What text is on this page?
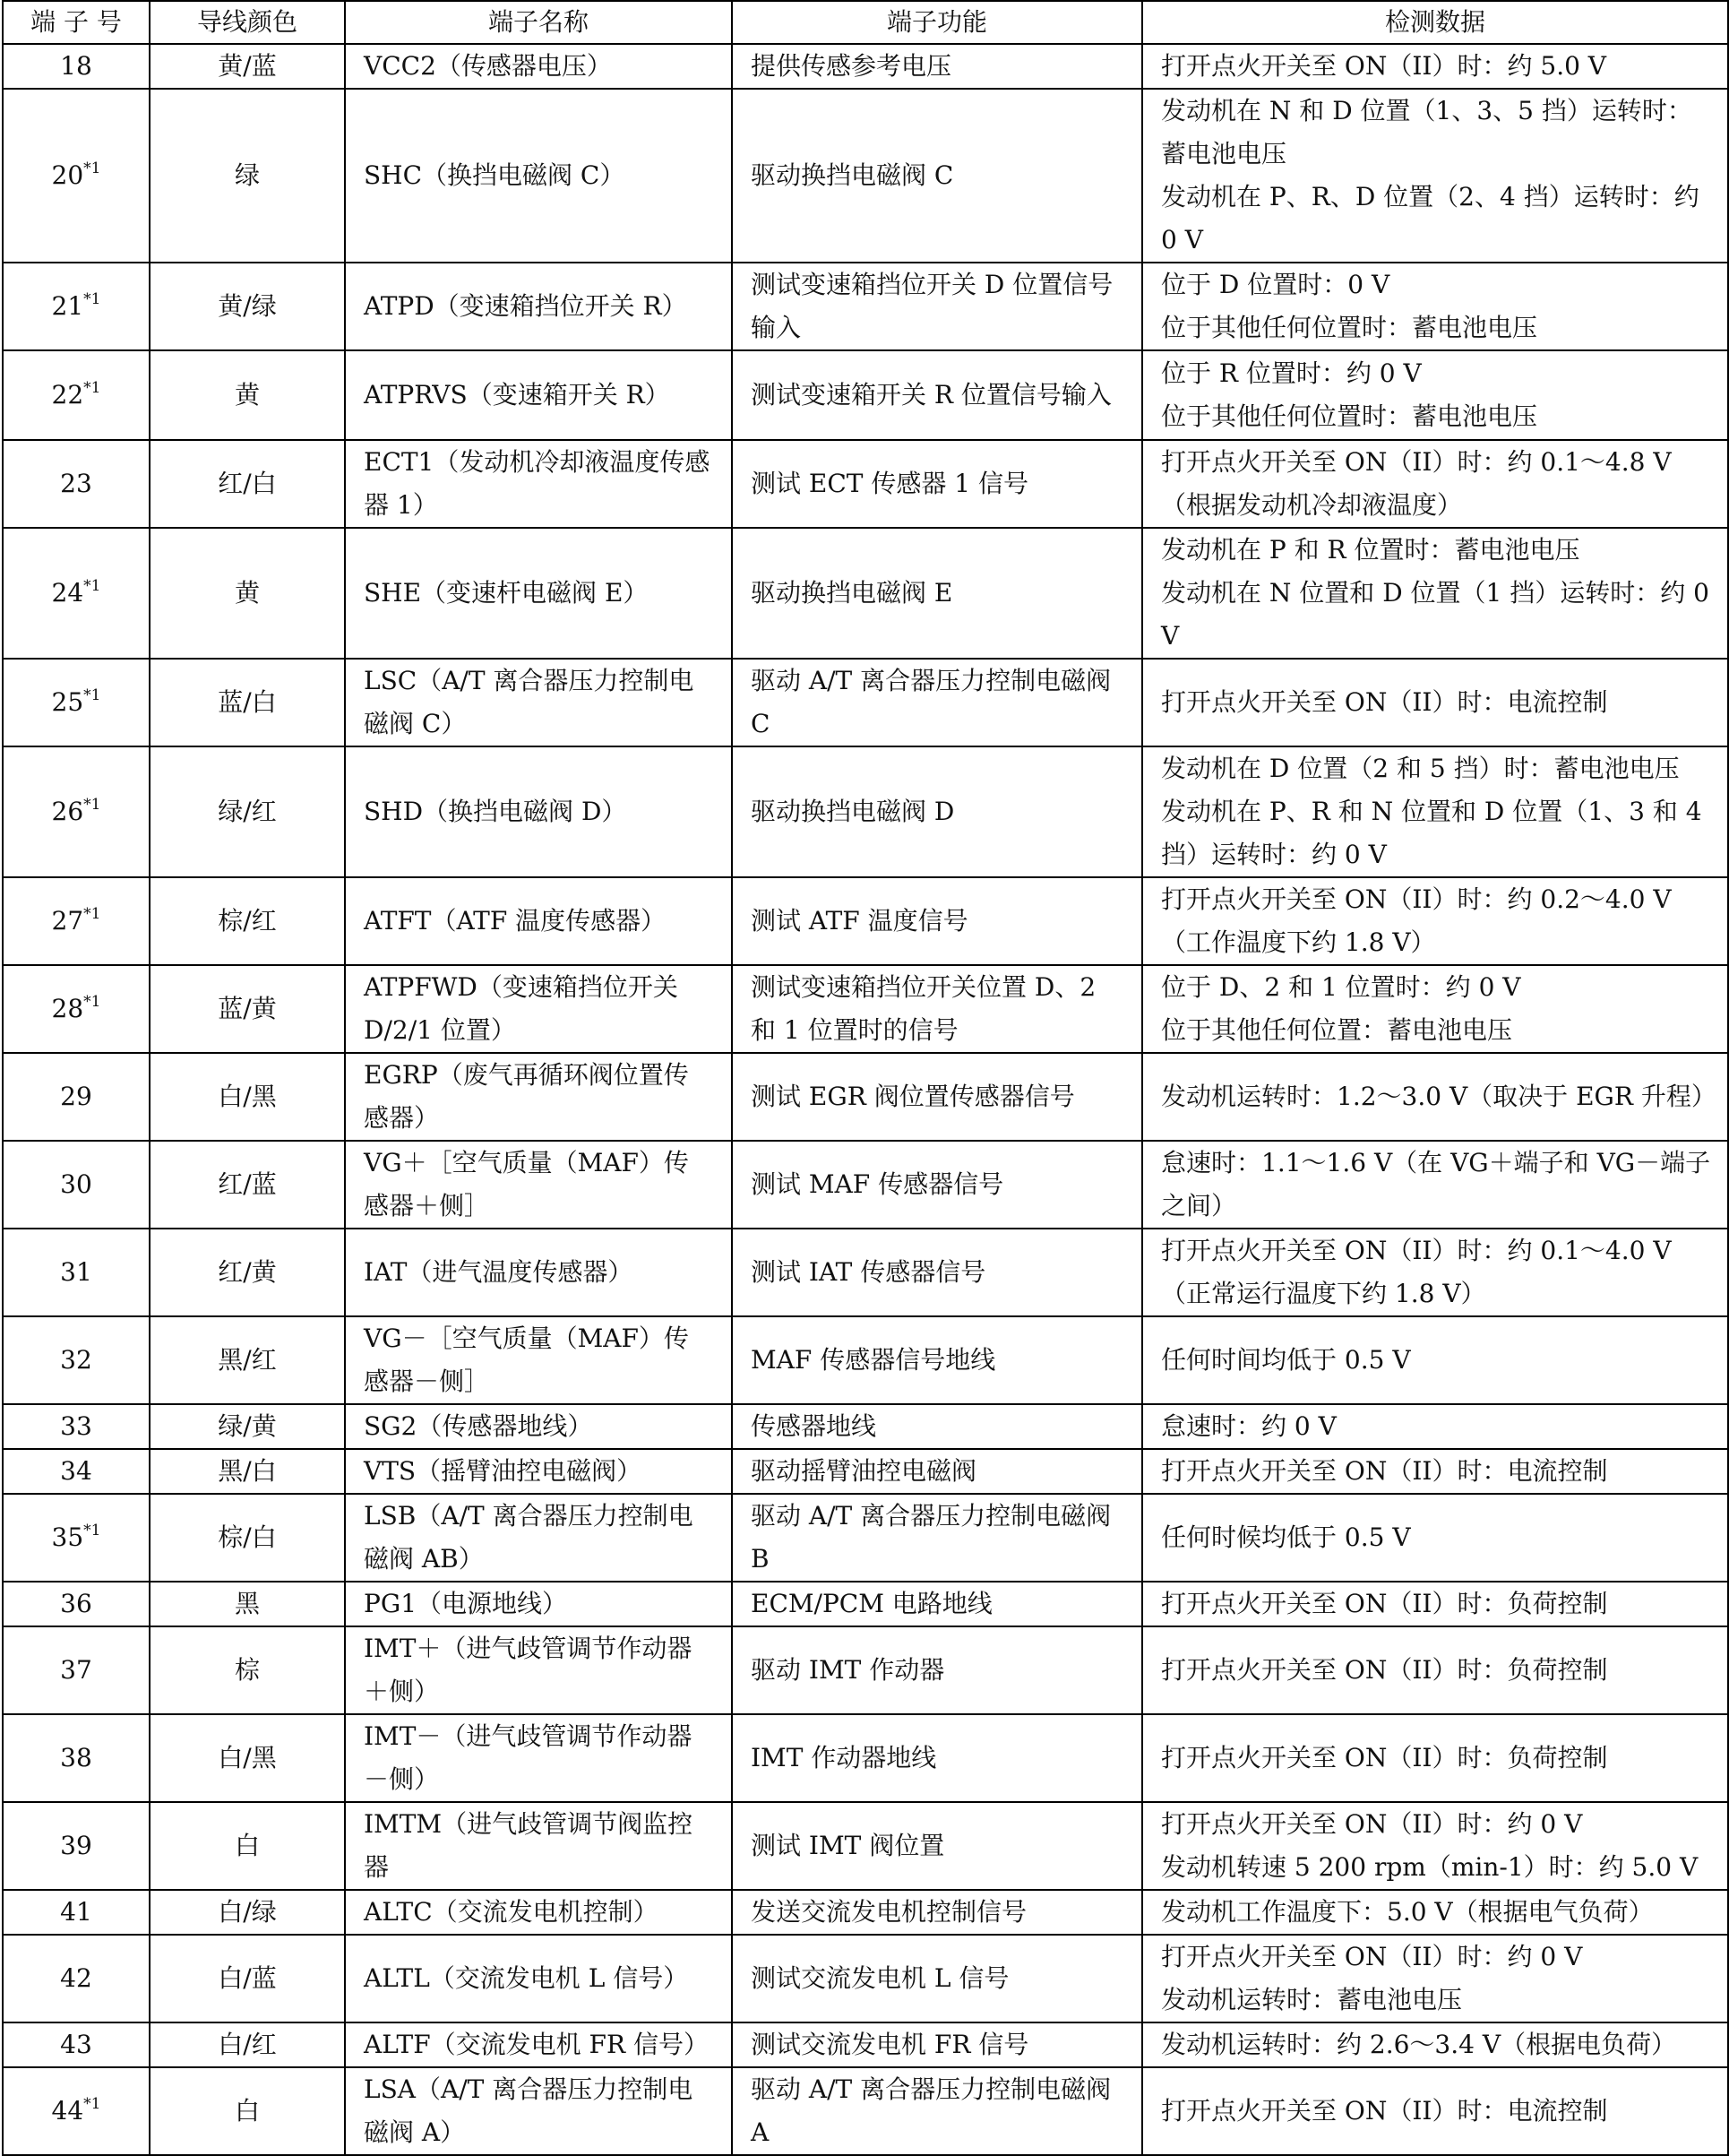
端 子 号	导线颜色	端子名称	端子功能	检测数据
18	黄/蓝	VCC2（传感器电压）	提供传感参考电压	打开点火开关至 ON（II）时：约 5.0 V
20$^{*1}$	绿	SHC（换挡电磁阀 C）	驱动换挡电磁阀 C	发动机在 N 和 D 位置（1、3、5 挡）运转时：蓄电池电压
发动机在 P、R、D 位置（2、4 挡）运转时：约 0 V
21$^{*1}$	黄/绿	ATPD（变速箱挡位开关 R）	测试变速箱挡位开关 D 位置信号输入	位于 D 位置时：0 V
位于其他任何位置时：蓄电池电压
22$^{*1}$	黄	ATPRVS（变速箱开关 R）	测试变速箱开关 R 位置信号输入	位于 R 位置时：约 0 V
位于其他任何位置时：蓄电池电压
23	红/白	ECT1（发动机冷却液温度传感器 1）	测试 ECT 传感器 1 信号	打开点火开关至 ON（II）时：约 0.1～4.8 V
（根据发动机冷却液温度）
24$^{*1}$	黄	SHE（变速杆电磁阀 E）	驱动换挡电磁阀 E	发动机在 P 和 R 位置时：蓄电池电压
发动机在 N 位置和 D 位置（1 挡）运转时：约 0 V
25$^{*1}$	蓝/白	LSC（A/T 离合器压力控制电磁阀 C）	驱动 A/T 离合器压力控制电磁阀 C	打开点火开关至 ON（II）时：电流控制
26$^{*1}$	绿/红	SHD（换挡电磁阀 D）	驱动换挡电磁阀 D	发动机在 D 位置（2 和 5 挡）时：蓄电池电压
发动机在 P、R 和 N 位置和 D 位置（1、3 和 4 挡）运转时：约 0 V
27$^{*1}$	棕/红	ATFT（ATF 温度传感器）	测试 ATF 温度信号	打开点火开关至 ON（II）时：约 0.2～4.0 V
（工作温度下约 1.8 V）
28$^{*1}$	蓝/黄	ATPFWD（变速箱挡位开关 D/2/1 位置）	测试变速箱挡位开关位置 D、2 和 1 位置时的信号	位于 D、2 和 1 位置时：约 0 V
位于其他任何位置：蓄电池电压
29	白/黑	EGRP（废气再循环阀位置传感器）	测试 EGR 阀位置传感器信号	发动机运转时：1.2～3.0 V（取决于 EGR 升程）
30	红/蓝	VG＋［空气质量（MAF）传感器＋侧］	测试 MAF 传感器信号	怠速时：1.1～1.6 V（在 VG＋端子和 VG－端子之间）
31	红/黄	IAT（进气温度传感器）	测试 IAT 传感器信号	打开点火开关至 ON（II）时：约 0.1～4.0 V
（正常运行温度下约 1.8 V）
32	黑/红	VG－［空气质量（MAF）传感器－侧］	MAF 传感器信号地线	任何时间均低于 0.5 V
33	绿/黄	SG2（传感器地线）	传感器地线	怠速时：约 0 V
34	黑/白	VTS（摇臂油控电磁阀）	驱动摇臂油控电磁阀	打开点火开关至 ON（II）时：电流控制
35$^{*1}$	棕/白	LSB（A/T 离合器压力控制电磁阀 AB）	驱动 A/T 离合器压力控制电磁阀 B	任何时候均低于 0.5 V
36	黑	PG1（电源地线）	ECM/PCM 电路地线	打开点火开关至 ON（II）时：负荷控制
37	棕	IMT＋（进气歧管调节作动器＋侧）	驱动 IMT 作动器	打开点火开关至 ON（II）时：负荷控制
38	白/黑	IMT－（进气歧管调节作动器－侧）	IMT 作动器地线	打开点火开关至 ON（II）时：负荷控制
39	白	IMTM（进气歧管调节阀监控器	测试 IMT 阀位置	打开点火开关至 ON（II）时：约 0 V
发动机转速 5 200 rpm（min-1）时：约 5.0 V
41	白/绿	ALTC（交流发电机控制）	发送交流发电机控制信号	发动机工作温度下：5.0 V（根据电气负荷）
42	白/蓝	ALTL（交流发电机 L 信号）	测试交流发电机 L 信号	打开点火开关至 ON（II）时：约 0 V
发动机运转时：蓄电池电压
43	白/红	ALTF（交流发电机 FR 信号）	测试交流发电机 FR 信号	发动机运转时：约 2.6～3.4 V（根据电负荷）
44$^{*1}$	白	LSA（A/T 离合器压力控制电磁阀 A）	驱动 A/T 离合器压力控制电磁阀 A	打开点火开关至 ON（II）时：电流控制
